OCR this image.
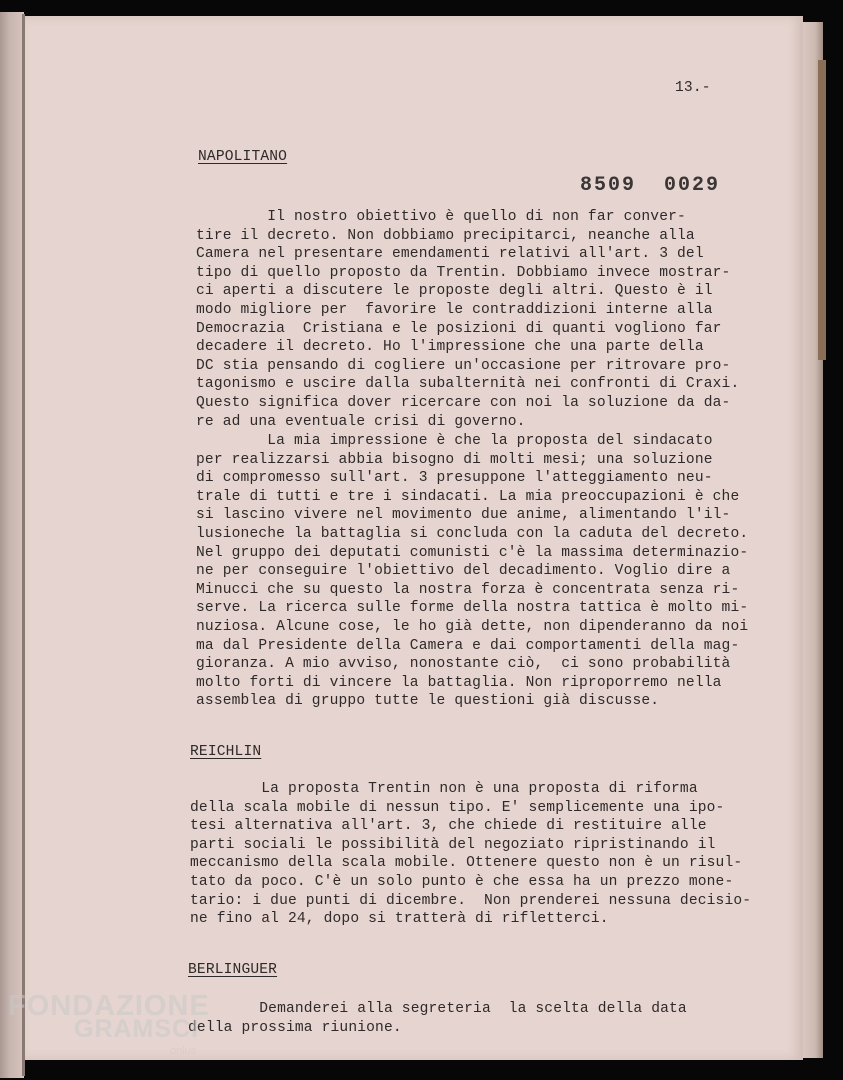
13.-
8509  0029
NAPOLITANO
Il nostro obiettivo è quello di non far conver-
tire il decreto. Non dobbiamo precipitarci, neanche alla
Camera nel presentare emendamenti relativi all'art. 3 del
tipo di quello proposto da Trentin. Dobbiamo invece mostrar-
ci aperti a discutere le proposte degli altri. Questo è il
modo migliore per  favorire le contraddizioni interne alla
Democrazia  Cristiana e le posizioni di quanti vogliono far
decadere il decreto. Ho l'impressione che una parte della
DC stia pensando di cogliere un'occasione per ritrovare pro-
tagonismo e uscire dalla subalternità nei confronti di Craxi.
Questo significa dover ricercare con noi la soluzione da da-
re ad una eventuale crisi di governo.
La mia impressione è che la proposta del sindacato
per realizzarsi abbia bisogno di molti mesi; una soluzione
di compromesso sull'art. 3 presuppone l'atteggiamento neu-
trale di tutti e tre i sindacati. La mia preoccupazioni è che
si lascino vivere nel movimento due anime, alimentando l'il-
lusioneche la battaglia si concluda con la caduta del decreto.
Nel gruppo dei deputati comunisti c'è la massima determinazio-
ne per conseguire l'obiettivo del decadimento. Voglio dire a
Minucci che su questo la nostra forza è concentrata senza ri-
serve. La ricerca sulle forme della nostra tattica è molto mi-
nuziosa. Alcune cose, le ho già dette, non dipenderanno da noi
ma dal Presidente della Camera e dai comportamenti della mag-
gioranza. A mio avviso, nonostante ciò,  ci sono probabilità
molto forti di vincere la battaglia. Non riproporremo nella
assemblea di gruppo tutte le questioni già discusse.
REICHLIN
La proposta Trentin non è una proposta di riforma
della scala mobile di nessun tipo. E' semplicemente una ipo-
tesi alternativa all'art. 3, che chiede di restituire alle
parti sociali le possibilità del negoziato ripristinando il
meccanismo della scala mobile. Ottenere questo non è un risul-
tato da poco. C'è un solo punto è che essa ha un prezzo mone-
tario: i due punti di dicembre.  Non prenderei nessuna decisio-
ne fino al 24, dopo si tratterà di rifletterci.
BERLINGUER
Demanderei alla segreteria  la scelta della data
della prossima riunione.
FONDAZIONE
GRAMSCI
onlus
